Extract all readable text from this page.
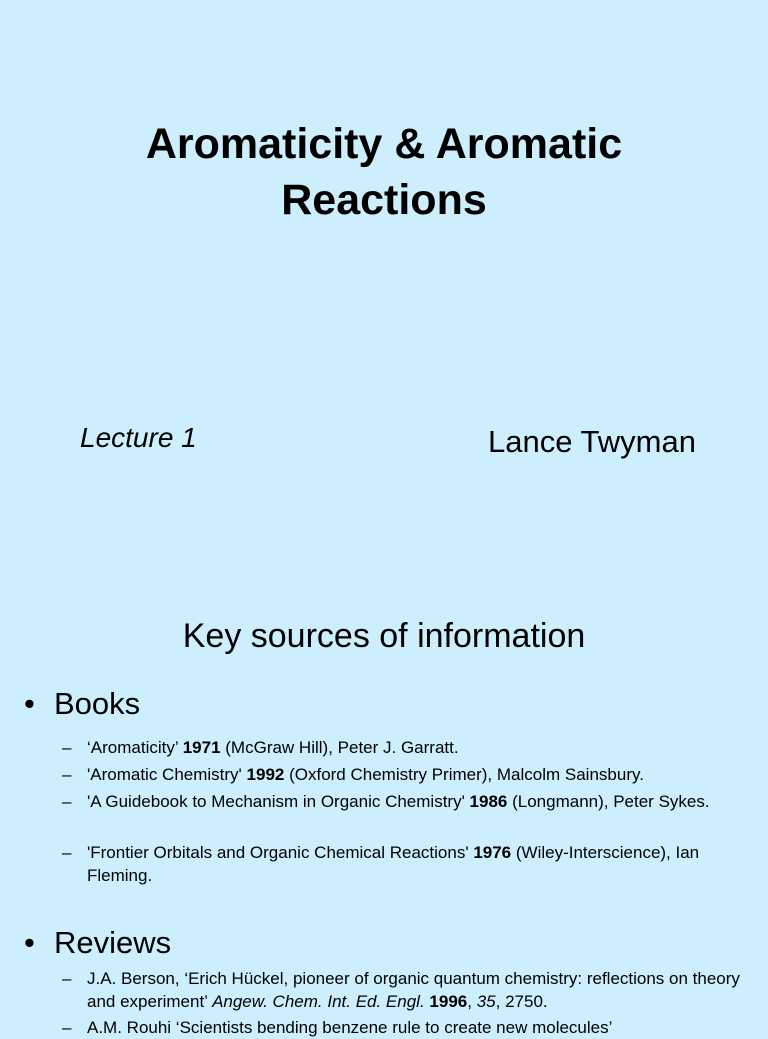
Aromaticity & Aromatic
Reactions
Lecture 1	Lance Twyman
Key sources of information
• Books
– ‘Aromaticity’ 1971 (McGraw Hill), Peter J. Garratt.
– 'Aromatic Chemistry' 1992 (Oxford Chemistry Primer), Malcolm Sainsbury.
– 'A Guidebook to Mechanism in Organic Chemistry' 1986 (Longmann), Peter Sykes.
– 'Frontier Orbitals and Organic Chemical Reactions' 1976 (Wiley-Interscience), Ian Fleming.
• Reviews
– J.A. Berson, ‘Erich Hückel, pioneer of organic quantum chemistry: reflections on theory and experiment’ Angew. Chem. Int. Ed. Engl. 1996, 35, 2750.
– A.M. Rouhi ‘Scientists bending benzene rule to create new molecules’
